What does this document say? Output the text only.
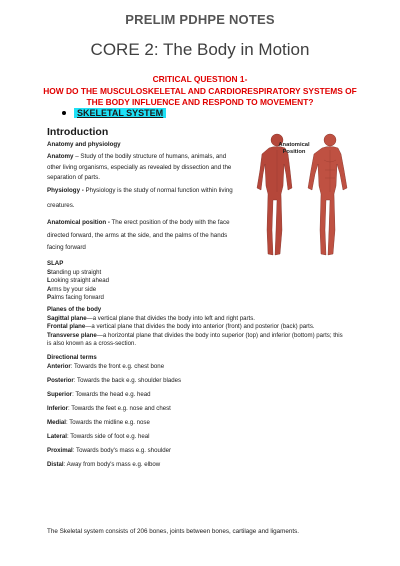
PRELIM PDHPE NOTES
CORE 2: The Body in Motion
CRITICAL QUESTION 1-
HOW DO THE MUSCULOSKELETAL AND CARDIORESPIRATORY SYSTEMS OF
THE BODY INFLUENCE AND RESPOND TO MOVEMENT?
SKELETAL SYSTEM
Introduction
Anatomy and physiology
Anatomy – Study of the bodily structure of humans, animals, and
other living organisms, especially as revealed by dissection and the
separation of parts.
Physiology - Physiology is the study of normal function within living
creatures.
Anatomical position - The erect position of the body with the face
directed forward, the arms at the side, and the palms of the hands
facing forward
Anatomical
Position
SLAP
Standing up straight
Looking straight ahead
Arms by your side
Palms facing forward
Planes of the body
Sagittal plane—a vertical plane that divides the body into left and right parts.
Frontal plane—a vertical plane that divides the body into anterior (front) and posterior (back) parts.
Transverse plane—a horizontal plane that divides the body into superior (top) and inferior (bottom) parts; this
is also known as a cross-section.
Directional terms
Anterior: Towards the front e.g. chest bone
Posterior: Towards the back e.g. shoulder blades
Superior: Towards the head e.g. head
Inferior: Towards the feet e.g. nose and chest
Medial: Towards the midline e.g. nose
Lateral: Towards side of foot e.g. heal
Proximal: Towards body's mass e.g. shoulder
Distal: Away from body's mass e.g. elbow
The Skeletal system consists of 206 bones, joints between bones, cartilage and ligaments.
